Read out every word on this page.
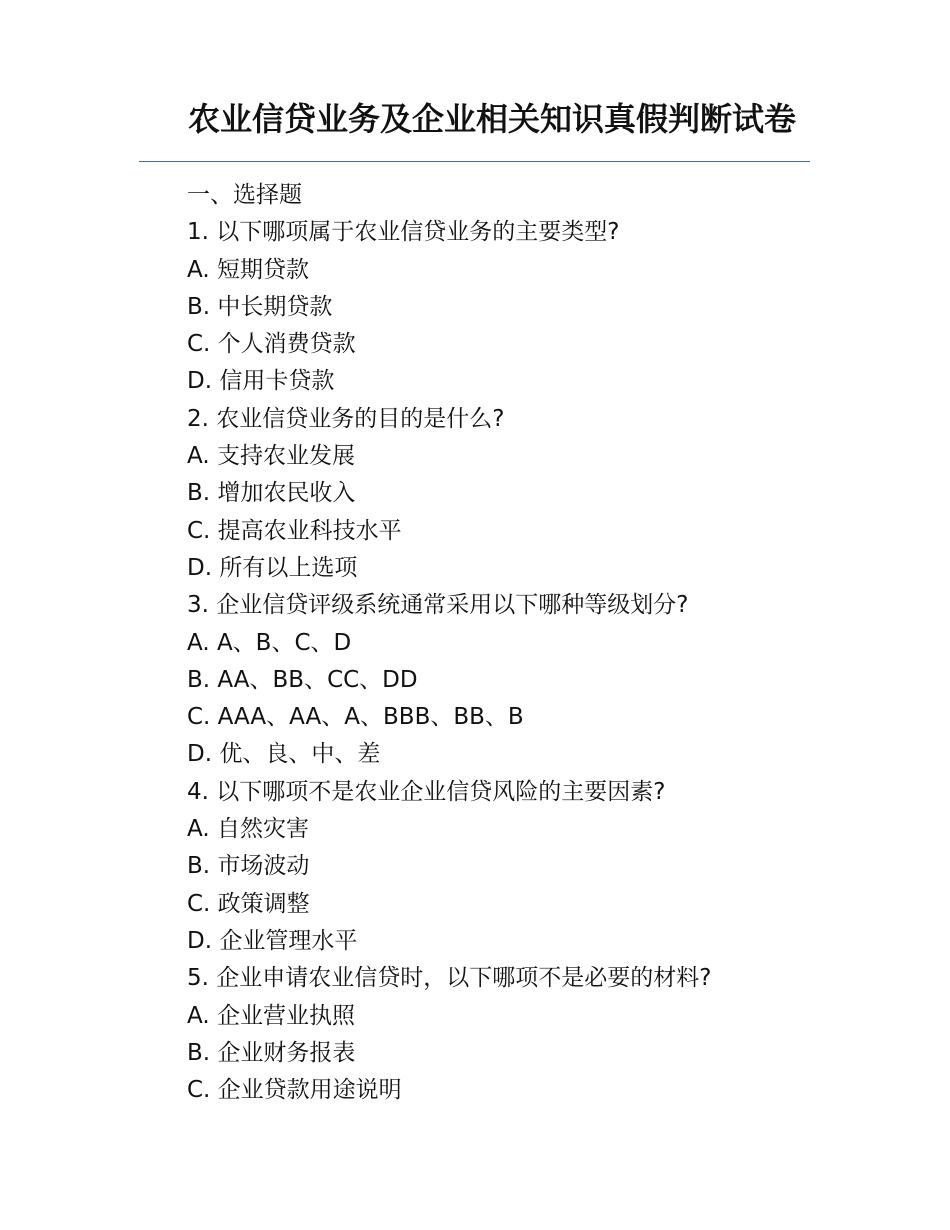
农业信贷业务及企业相关知识真假判断试卷
一、选择题
1. 以下哪项属于农业信贷业务的主要类型?
A. 短期贷款
B. 中长期贷款
C. 个人消费贷款
D. 信用卡贷款
2. 农业信贷业务的目的是什么?
A. 支持农业发展
B. 增加农民收入
C. 提高农业科技水平
D. 所有以上选项
3. 企业信贷评级系统通常采用以下哪种等级划分?
A. A、B、C、D
B. AA、BB、CC、DD
C. AAA、AA、A、BBB、BB、B
D. 优、良、中、差
4. 以下哪项不是农业企业信贷风险的主要因素?
A. 自然灾害
B. 市场波动
C. 政策调整
D. 企业管理水平
5. 企业申请农业信贷时，以下哪项不是必要的材料?
A. 企业营业执照
B. 企业财务报表
C. 企业贷款用途说明
